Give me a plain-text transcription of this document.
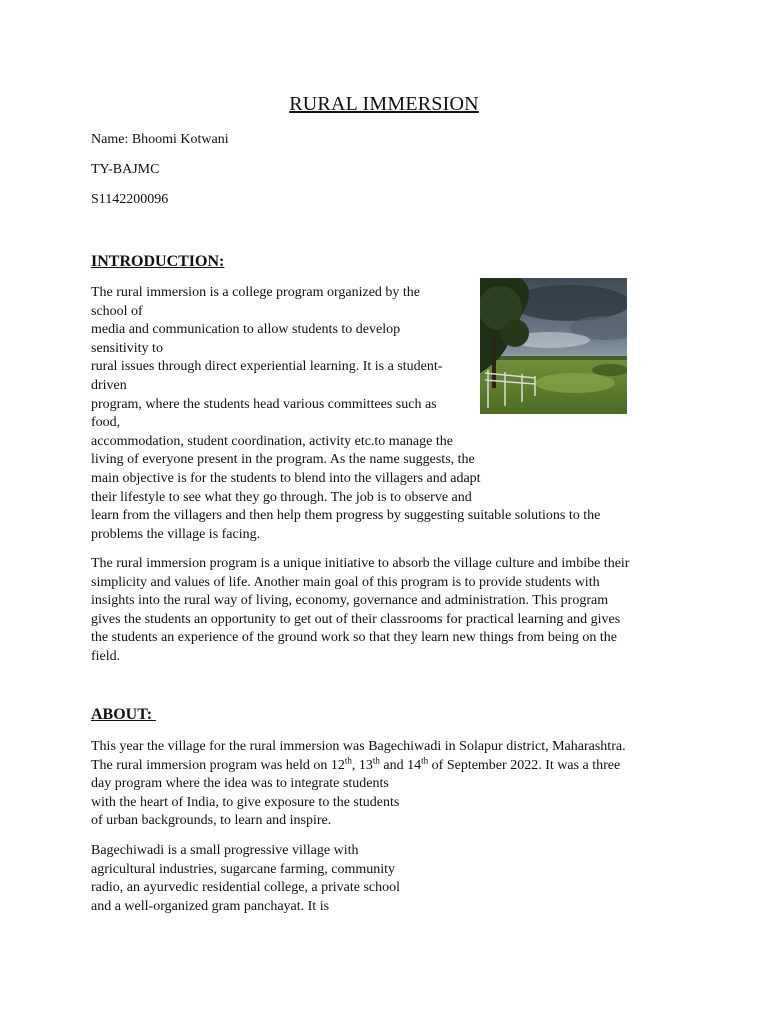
RURAL IMMERSION
Name: Bhoomi Kotwani
TY-BAJMC
S1142200096
INTRODUCTION:
The rural immersion is a college program organized by the
school of
media and communication to allow students to develop
sensitivity to
rural issues through direct experiential learning. It is a student-
driven
program, where the students head various committees such as
food,
accommodation, student coordination, activity etc.to manage the
living of everyone present in the program. As the name suggests, the
main objective is for the students to blend into the villagers and adapt
their lifestyle to see what they go through. The job is to observe and
learn from the villagers and then help them progress by suggesting suitable solutions to the
problems the village is facing.
The rural immersion program is a unique initiative to absorb the village culture and imbibe their
simplicity and values of life. Another main goal of this program is to provide students with
insights into the rural way of living, economy, governance and administration. This program
gives the students an opportunity to get out of their classrooms for practical learning and gives
the students an experience of the ground work so that they learn new things from being on the
field.
ABOUT:
This year the village for the rural immersion was Bagechiwadi in Solapur district, Maharashtra.
The rural immersion program was held on 12th, 13th and 14th of September 2022. It was a three
day program where the idea was to integrate students
with the heart of India, to give exposure to the students
of urban backgrounds, to learn and inspire.
Bagechiwadi is a small progressive village with
agricultural industries, sugarcane farming, community
radio, an ayurvedic residential college, a private school
and a well-organized gram panchayat. It is
